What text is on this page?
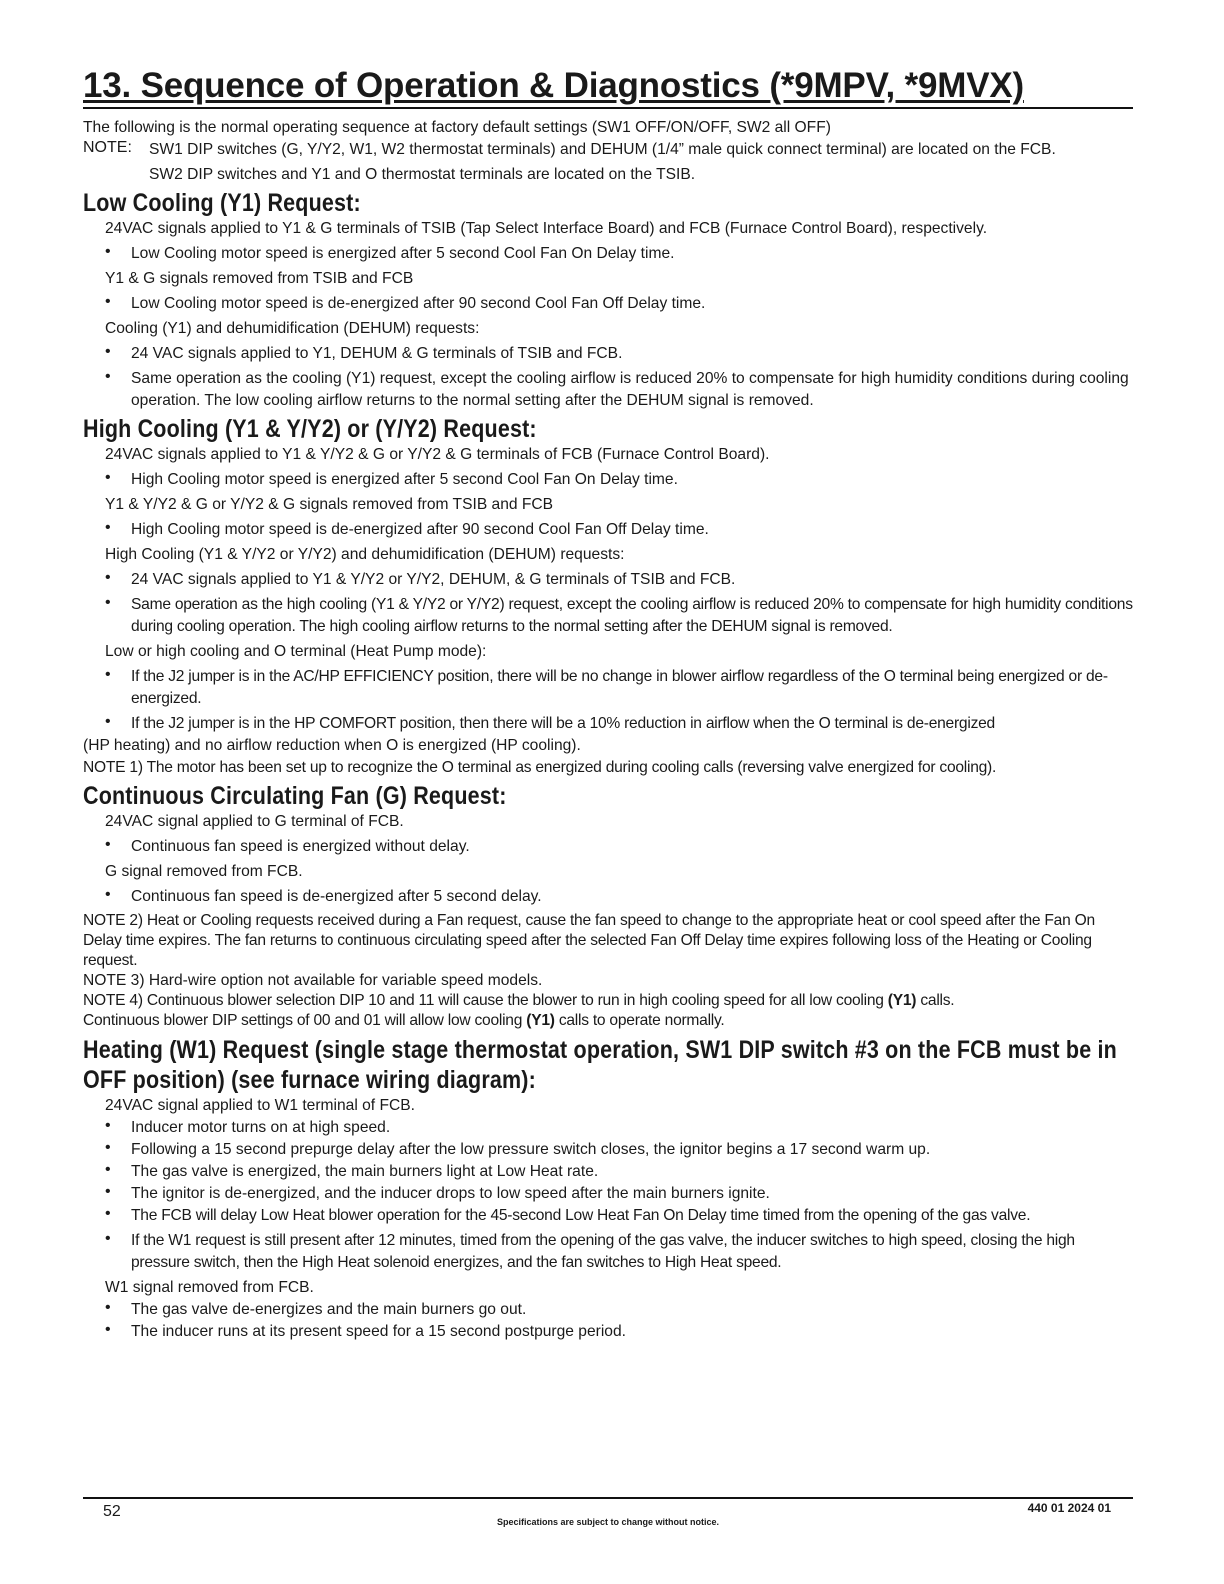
13. Sequence of Operation & Diagnostics (*9MPV, *9MVX)

The following is the normal operating sequence at factory default settings (SW1 OFF/ON/OFF, SW2 all OFF)

NOTE:	SW1 DIP switches (G, Y/Y2, W1, W2 thermostat terminals) and DEHUM (1/4” male quick connect terminal) are located on the FCB.

SW2 DIP switches and Y1 and O thermostat terminals are located on the TSIB.

Low Cooling (Y1) Request:

24VAC signals applied to Y1 & G terminals of TSIB (Tap Select Interface Board) and FCB (Furnace Control Board), respectively.

•	Low Cooling motor speed is energized after 5 second Cool Fan On Delay time.

Y1 & G signals removed from TSIB and FCB

•	Low Cooling motor speed is de-energized after 90 second Cool Fan Off Delay time.

Cooling (Y1) and dehumidification (DEHUM) requests:

•	24 VAC signals applied to Y1, DEHUM & G terminals of TSIB and FCB.
•	Same operation as the cooling (Y1) request, except the cooling airflow is reduced 20% to compensate for high humidity conditions during cooling operation. The low cooling airflow returns to the normal setting after the DEHUM signal is removed.
High Cooling (Y1 & Y/Y2) or (Y/Y2) Request:

24VAC signals applied to Y1 & Y/Y2 & G or Y/Y2 & G terminals of FCB (Furnace Control Board).

•	High Cooling motor speed is energized after 5 second Cool Fan On Delay time.

Y1 & Y/Y2 & G or Y/Y2 & G signals removed from TSIB and FCB

•	High Cooling motor speed is de-energized after 90 second Cool Fan Off Delay time.

High Cooling (Y1 & Y/Y2 or Y/Y2) and dehumidification (DEHUM) requests:

•	24 VAC signals applied to Y1 & Y/Y2 or Y/Y2, DEHUM, & G terminals of TSIB and FCB.
•	Same operation as the high cooling (Y1 & Y/Y2 or Y/Y2) request, except the cooling airflow is reduced 20% to compensate for high humidity conditions during cooling operation. The high cooling airflow returns to the normal setting after the DEHUM signal is removed.

Low or high cooling and O terminal (Heat Pump mode):

•	If the J2 jumper is in the AC/HP EFFICIENCY position, there will be no change in blower airflow regardless of the O terminal being energized or de-energized.
•	If the J2 jumper is in the HP COMFORT position, then there will be a 10% reduction in airflow when the O terminal is de-energized

(HP heating) and no airflow reduction when O is energized (HP cooling).

NOTE 1) The motor has been set up to recognize the O terminal as energized during cooling calls (reversing valve energized for cooling).

Continuous Circulating Fan (G) Request:

24VAC signal applied to G terminal of FCB.

•	Continuous fan speed is energized without delay.

G signal removed from FCB.

•	Continuous fan speed is de-energized after 5 second delay.

NOTE 2) Heat or Cooling requests received during a Fan request, cause the fan speed to change to the appropriate heat or cool speed after the Fan On Delay time expires. The fan returns to continuous circulating speed after the selected Fan Off Delay time expires following loss of the Heating or Cooling request.

NOTE 3) Hard-wire option not available for variable speed models.

NOTE 4) Continuous blower selection DIP 10 and 11 will cause the blower to run in high cooling speed for all low cooling (Y1) calls.
Continuous blower DIP settings of 00 and 01 will allow low cooling (Y1) calls to operate normally.

Heating (W1) Request (single stage thermostat operation, SW1 DIP switch #3 on the FCB must be in OFF position) (see furnace wiring diagram):

24VAC signal applied to W1 terminal of FCB.

•	Inducer motor turns on at high speed.
•	Following a 15 second prepurge delay after the low pressure switch closes, the ignitor begins a 17 second warm up.
•	The gas valve is energized, the main burners light at Low Heat rate.
•	The ignitor is de-energized, and the inducer drops to low speed after the main burners ignite.
•	The FCB will delay Low Heat blower operation for the 45-second Low Heat Fan On Delay time timed from the opening of the gas valve.
•	If the W1 request is still present after 12 minutes, timed from the opening of the gas valve, the inducer switches to high speed, closing the high pressure switch, then the High Heat solenoid energizes, and the fan switches to High Heat speed.

W1 signal removed from FCB.

•	The gas valve de-energizes and the main burners go out.
•	The inducer runs at its present speed for a 15 second postpurge period.
52
Specifications are subject to change without notice.
440 01 2024 01
